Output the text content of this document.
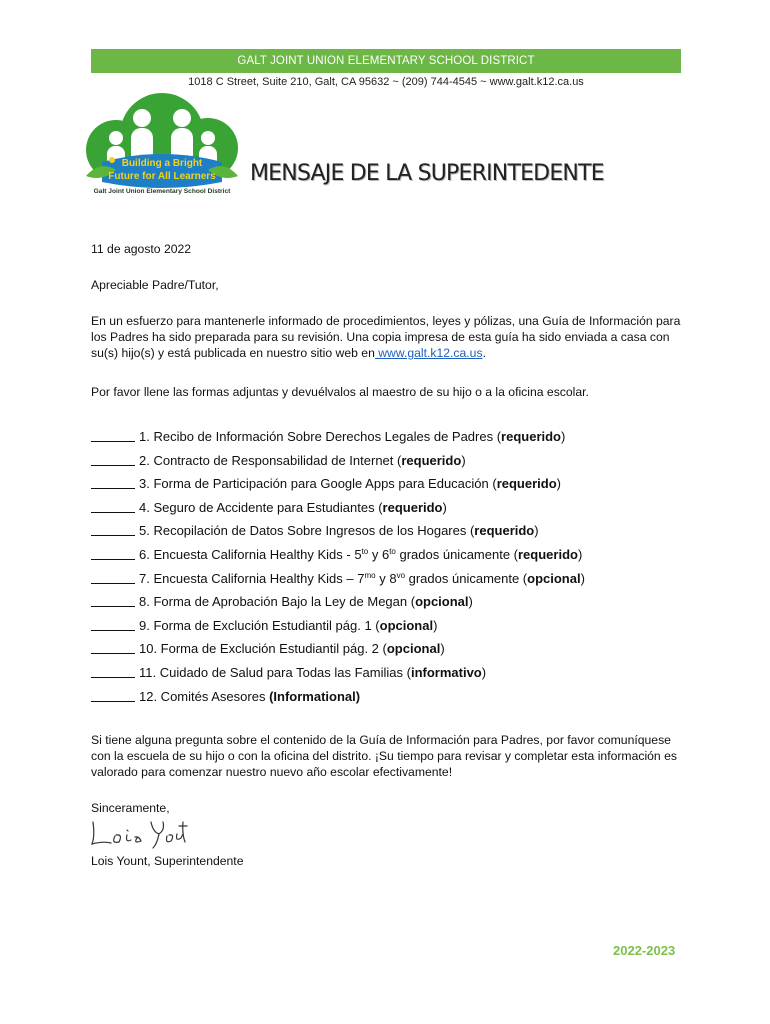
GALT JOINT UNION ELEMENTARY SCHOOL DISTRICT
1018 C Street, Suite 210, Galt, CA 95632 ~ (209) 744-4545 ~ www.galt.k12.ca.us
Building a Bright
Future for All Learners
Galt Joint Union Elementary School District
MENSAJE DE LA SUPERINTEDENTE
11 de agosto 2022
Apreciable Padre/Tutor,
En un esfuerzo para mantenerle informado de procedimientos, leyes y pólizas, una Guía de Información para los Padres ha sido preparada para su revisión. Una copia impresa de esta guía ha sido enviada a casa con su(s) hijo(s) y está publicada en nuestro sitio web en www.galt.k12.ca.us.
Por favor llene las formas adjuntas y devuélvalos al maestro de su hijo o a la oficina escolar.
1. Recibo de Información Sobre Derechos Legales de Padres (requerido)
2. Contracto de Responsabilidad de Internet (requerido)
3. Forma de Participación para Google Apps para Educación (requerido)
4. Seguro de Accidente para Estudiantes (requerido)
5. Recopilación de Datos Sobre Ingresos de los Hogares (requerido)
6. Encuesta California Healthy Kids - $5^{to}$ y $6^{to}$ grados únicamente (requerido)
7. Encuesta California Healthy Kids – $7^{mo}$ y $8^{vo}$ grados únicamente (opcional)
8. Forma de Aprobación Bajo la Ley de Megan (opcional)
9. Forma de Exclución Estudiantil pág. 1 (opcional)
10. Forma de Exclución Estudiantil pág. 2 (opcional)
11. Cuidado de Salud para Todas las Familias (informativo)
12. Comités Asesores (Informational)
Si tiene alguna pregunta sobre el contenido de la Guía de Información para Padres, por favor comuníquese con la escuela de su hijo o con la oficina del distrito. ¡Su tiempo para revisar y completar esta información es valorado para comenzar nuestro nuevo año escolar efectivamente!
Sinceramente,
Lois Yount, Superintendente
2022-2023
